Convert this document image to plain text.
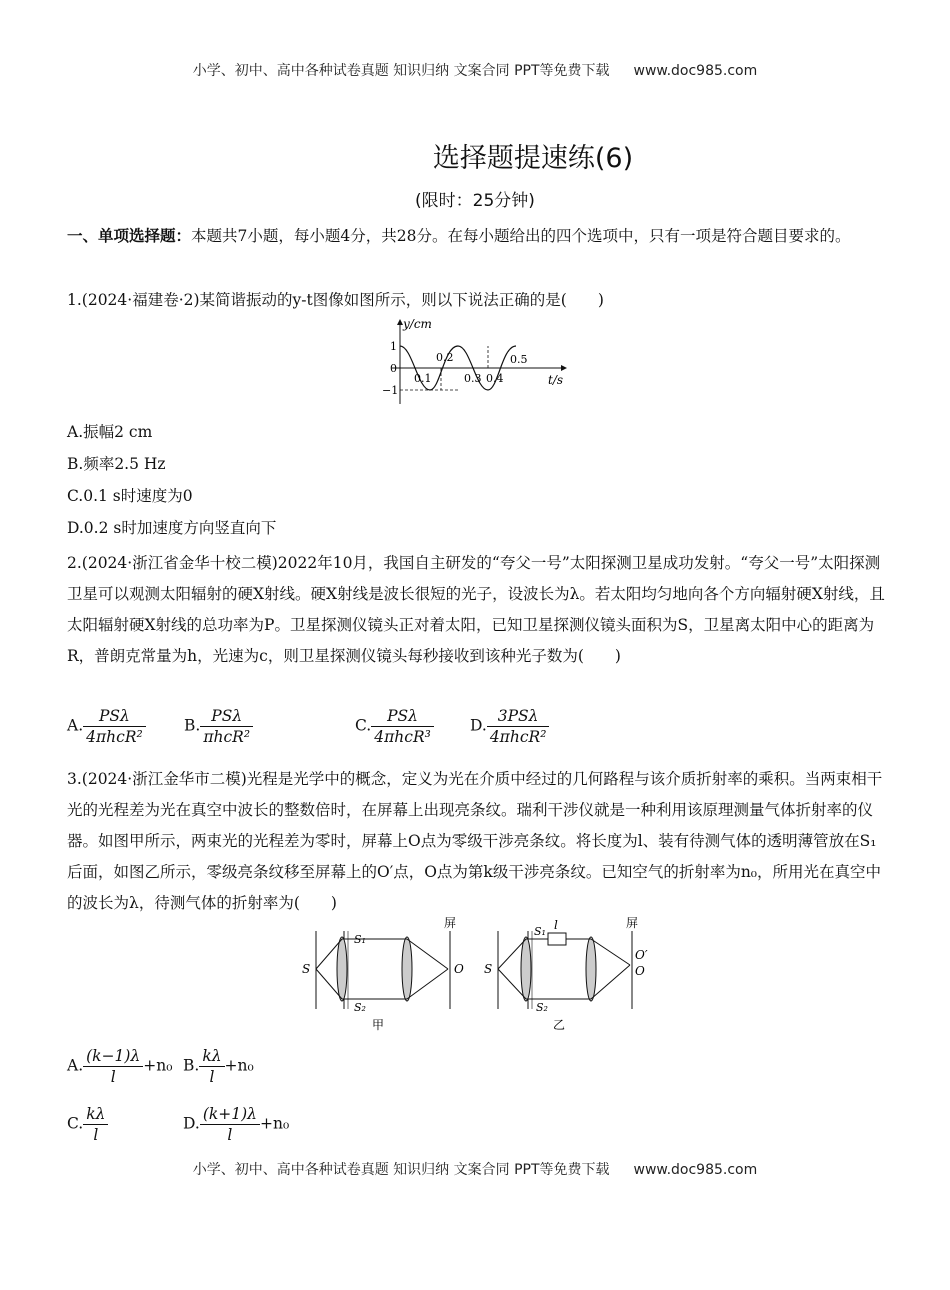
小学、初中、高中各种试卷真题 知识归纳 文案合同 PPT等免费下载 www.doc985.com
选择题提速练(6)
(限时：25分钟)
一、单项选择题：本题共7小题，每小题4分，共28分。在每小题给出的四个选项中，只有一项是符合题目要求的。
1.(2024·福建卷·2)某简谐振动的y-t图像如图所示，则以下说法正确的是(　　)
y/cm
t/s
1
0
−1
0.1
0.2
0.3 0.4
0.5
A.振幅2 cm
B.频率2.5 Hz
C.0.1 s时速度为0
D.0.2 s时加速度方向竖直向下
2.(2024·浙江省金华十校二模)2022年10月，我国自主研发的“夸父一号”太阳探测卫星成功发射。“夸父一号”太阳探测卫星可以观测太阳辐射的硬X射线。硬X射线是波长很短的光子，设波长为λ。若太阳均匀地向各个方向辐射硬X射线，且太阳辐射硬X射线的总功率为P。卫星探测仪镜头正对着太阳，已知卫星探测仪镜头面积为S，卫星离太阳中心的距离为R，普朗克常量为h，光速为c，则卫星探测仪镜头每秒接收到该种光子数为(　　)
A. $\frac{\text{PSλ}}{\text{4πhcR²}} B$. $\frac{\text{PSλ}}{\text{πhcR²}}$	C. $\frac{\text{PSλ}}{\text{4πhcR³}} D$. $\frac{\text{3PSλ}}{\text{4πhcR²}}$
3.(2024·浙江金华市二模)光程是光学中的概念，定义为光在介质中经过的几何路程与该介质折射率的乘积。当两束相干光的光程差为光在真空中波长的整数倍时，在屏幕上出现亮条纹。瑞利干涉仪就是一种利用该原理测量气体折射率的仪器。如图甲所示，两束光的光程差为零时，屏幕上O点为零级干涉亮条纹。将长度为l、装有待测气体的透明薄管放在S₁后面，如图乙所示，零级亮条纹移至屏幕上的O′点，O点为第k级干涉亮条纹。已知空气的折射率为n₀，所用光在真空中的波长为λ，待测气体的折射率为(　　)
S
S₁
S₂
O
屏
甲
S
S₁ l
S₂
O′
O
屏
乙
A. $\frac{(k-1)\lambda}{l} +n_0$ B. $\frac{k\lambda}{l} +n_0$
C. $\frac{k\lambda}{l}$	D. $\frac{(k+1)\lambda}{l} +n_0$
小学、初中、高中各种试卷真题 知识归纳 文案合同 PPT等免费下载 www.doc985.com
